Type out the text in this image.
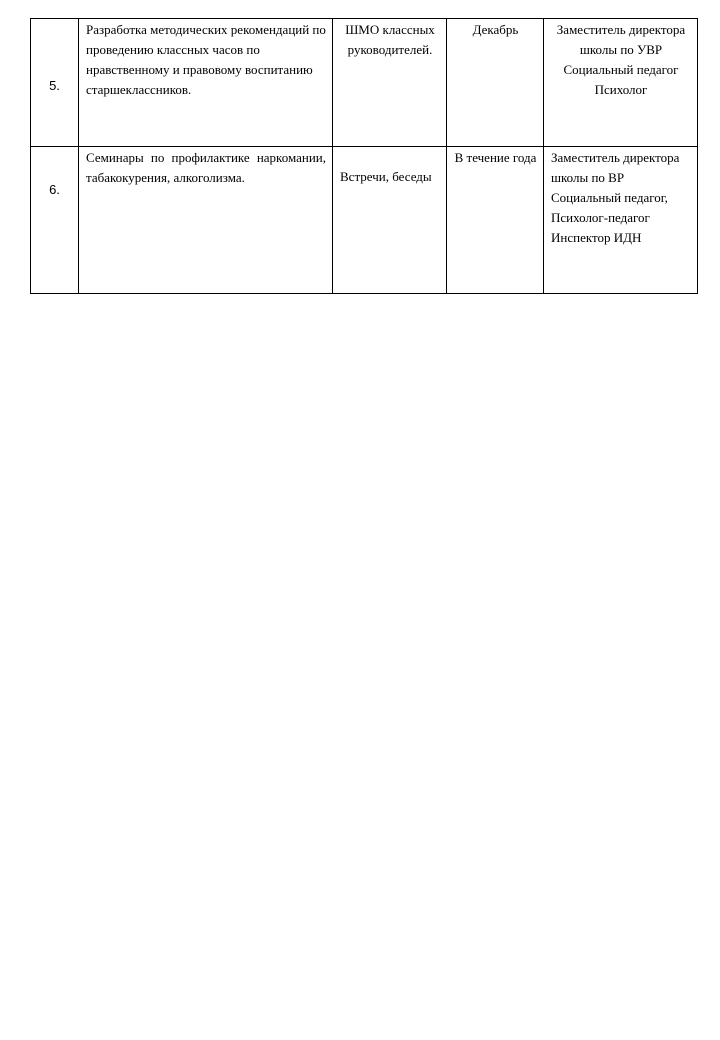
5.	Разработка методических рекомендаций по проведению классных часов по нравственному и правовому воспитанию старшеклассников.	ШМО классных руководителей.	Декабрь	Заместитель директора школы по УВР Социальный педагог
Психолог

6.	Семинары по профилактике наркомании, табакокурения, алкоголизма.	Встречи, беседы	В течение года	Заместитель директора школы по ВР
Социальный педагог,
Психолог-педагог
Инспектор ИДН
